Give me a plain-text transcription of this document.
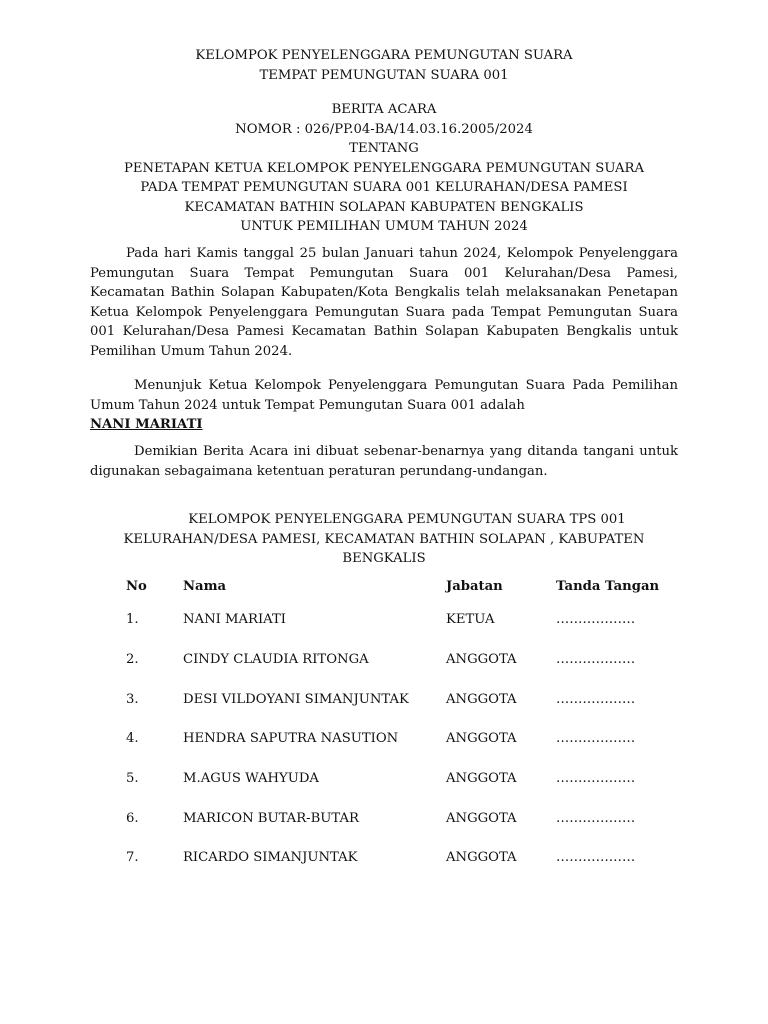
KELOMPOK PENYELENGGARA PEMUNGUTAN SUARA
TEMPAT PEMUNGUTAN SUARA 001
BERITA ACARA
NOMOR : 026/PP.04-BA/14.03.16.2005/2024
TENTANG
PENETAPAN KETUA KELOMPOK PENYELENGGARA PEMUNGUTAN SUARA
PADA TEMPAT PEMUNGUTAN SUARA 001 KELURAHAN/DESA PAMESI
KECAMATAN BATHIN SOLAPAN KABUPATEN BENGKALIS
UNTUK PEMILIHAN UMUM TAHUN 2024

Pada hari Kamis tanggal 25 bulan Januari tahun 2024, Kelompok Penyelenggara Pemungutan Suara Tempat Pemungutan Suara 001 Kelurahan/Desa Pamesi, Kecamatan Bathin Solapan Kabupaten/Kota Bengkalis telah melaksanakan Penetapan Ketua Kelompok Penyelenggara Pemungutan Suara pada Tempat Pemungutan Suara 001 Kelurahan/Desa Pamesi Kecamatan Bathin Solapan Kabupaten Bengkalis untuk Pemilihan Umum Tahun 2024.

Menunjuk Ketua Kelompok Penyelenggara Pemungutan Suara Pada Pemilihan Umum Tahun 2024 untuk Tempat Pemungutan Suara 001 adalah
NANI MARIATI

Demikian Berita Acara ini dibuat sebenar-benarnya yang ditanda tangani untuk digunakan sebagaimana ketentuan peraturan perundang-undangan.

KELOMPOK PENYELENGGARA PEMUNGUTAN SUARA TPS 001
KELURAHAN/DESA PAMESI, KECAMATAN BATHIN SOLAPAN , KABUPATEN
BENGKALIS
No	Nama	Jabatan	Tanda Tangan
1.	NANI MARIATI	KETUA	………………
2.	CINDY CLAUDIA RITONGA	ANGGOTA	………………
3.	DESI VILDOYANI SIMANJUNTAK	ANGGOTA	………………
4.	HENDRA SAPUTRA NASUTION	ANGGOTA	………………
5.	M.AGUS WAHYUDA	ANGGOTA	………………
6.	MARICON BUTAR-BUTAR	ANGGOTA	………………
7.	RICARDO SIMANJUNTAK	ANGGOTA	………………
